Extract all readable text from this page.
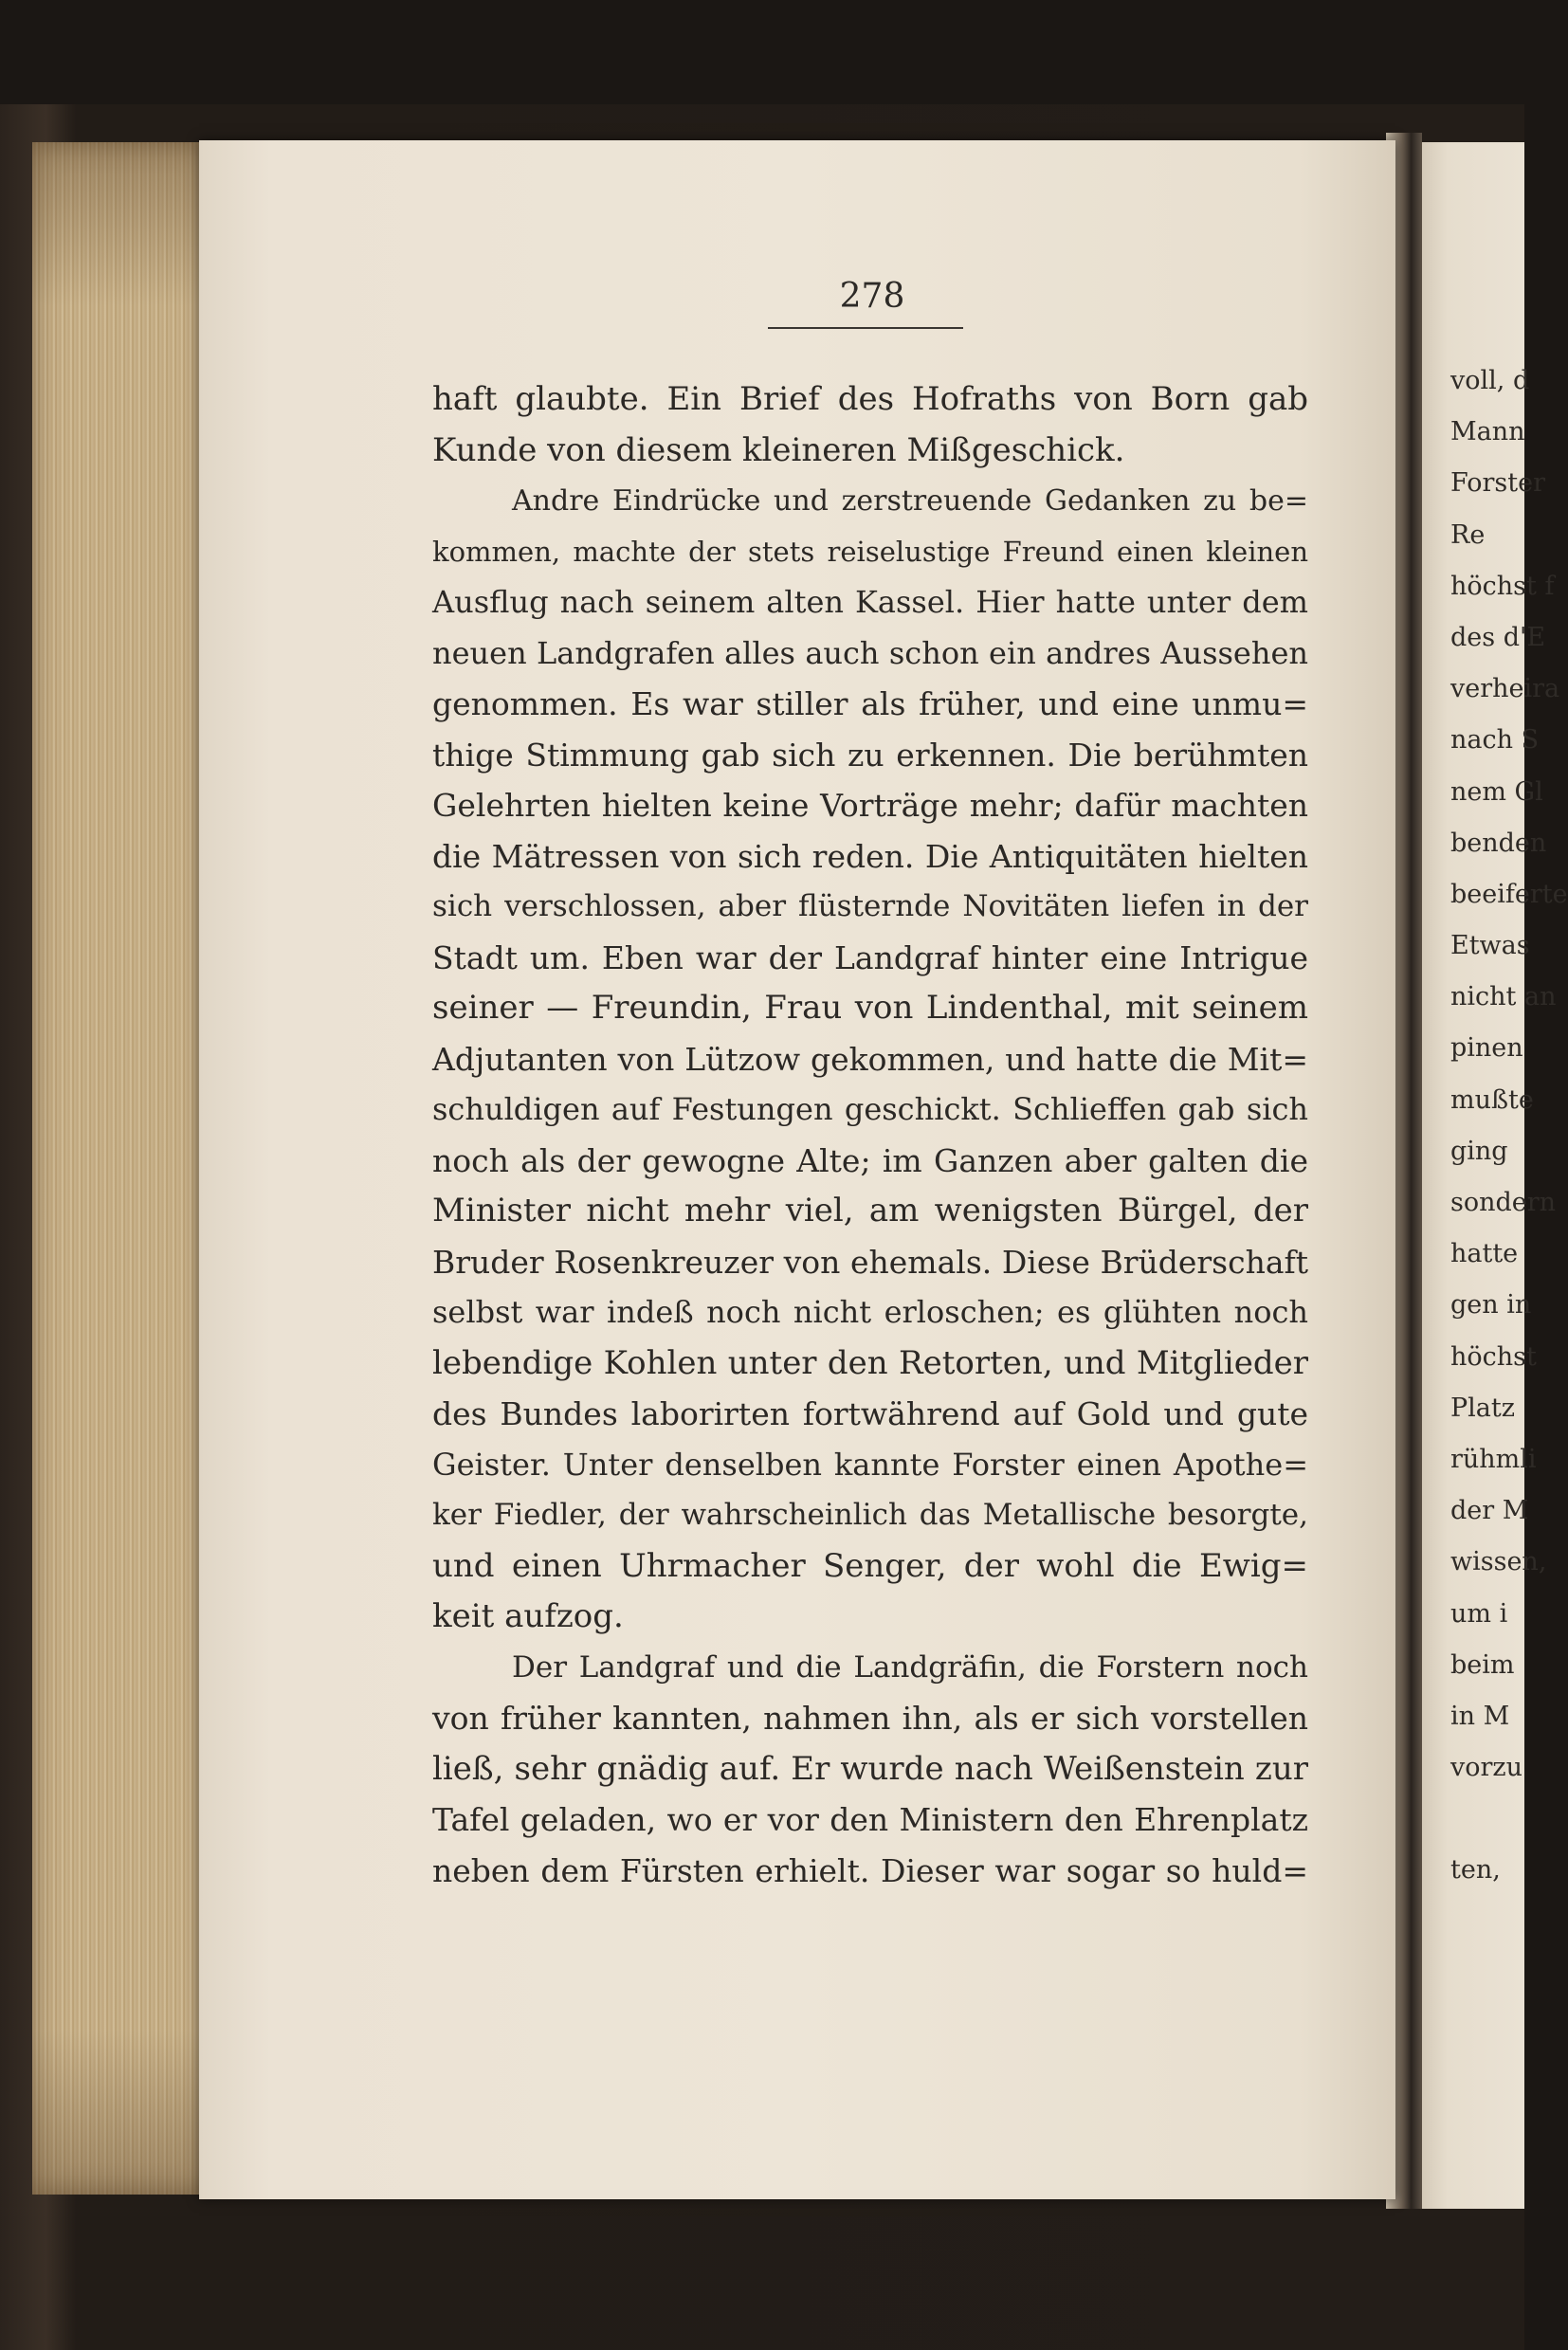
278
haft glaubte. Ein Brief des Hofraths von Born gab
Kunde von diesem kleineren Mißgeschick.
Andre Eindrücke und zerstreuende Gedanken zu be=
kommen, machte der stets reiselustige Freund einen kleinen
Ausflug nach seinem alten Kassel. Hier hatte unter dem
neuen Landgrafen alles auch schon ein andres Aussehen
genommen. Es war stiller als früher, und eine unmu=
thige Stimmung gab sich zu erkennen. Die berühmten
Gelehrten hielten keine Vorträge mehr; dafür machten
die Mätressen von sich reden. Die Antiquitäten hielten
sich verschlossen, aber flüsternde Novitäten liefen in der
Stadt um. Eben war der Landgraf hinter eine Intrigue
seiner — Freundin, Frau von Lindenthal, mit seinem
Adjutanten von Lützow gekommen, und hatte die Mit=
schuldigen auf Festungen geschickt. Schlieffen gab sich
noch als der gewogne Alte; im Ganzen aber galten die
Minister nicht mehr viel, am wenigsten Bürgel, der
Bruder Rosenkreuzer von ehemals. Diese Brüderschaft
selbst war indeß noch nicht erloschen; es glühten noch
lebendige Kohlen unter den Retorten, und Mitglieder
des Bundes laborirten fortwährend auf Gold und gute
Geister. Unter denselben kannte Forster einen Apothe=
ker Fiedler, der wahrscheinlich das Metallische besorgte,
und einen Uhrmacher Senger, der wohl die Ewig=
keit aufzog.
Der Landgraf und die Landgräfin, die Forstern noch
von früher kannten, nahmen ihn, als er sich vorstellen
ließ, sehr gnädig auf. Er wurde nach Weißenstein zur
Tafel geladen, wo er vor den Ministern den Ehrenplatz
neben dem Fürsten erhielt. Dieser war sogar so huld=
voll, d
Mann
Forster
Re
höchst f
des d'E
verheira
nach S
nem Gl
benden
beeiferte
Etwas
nicht an
pinen
mußte
ging
sondern
hatte
gen in
höchst
Platz
rühmli
der M
wissen,
um i
beim
in M
vorzu
ten,
